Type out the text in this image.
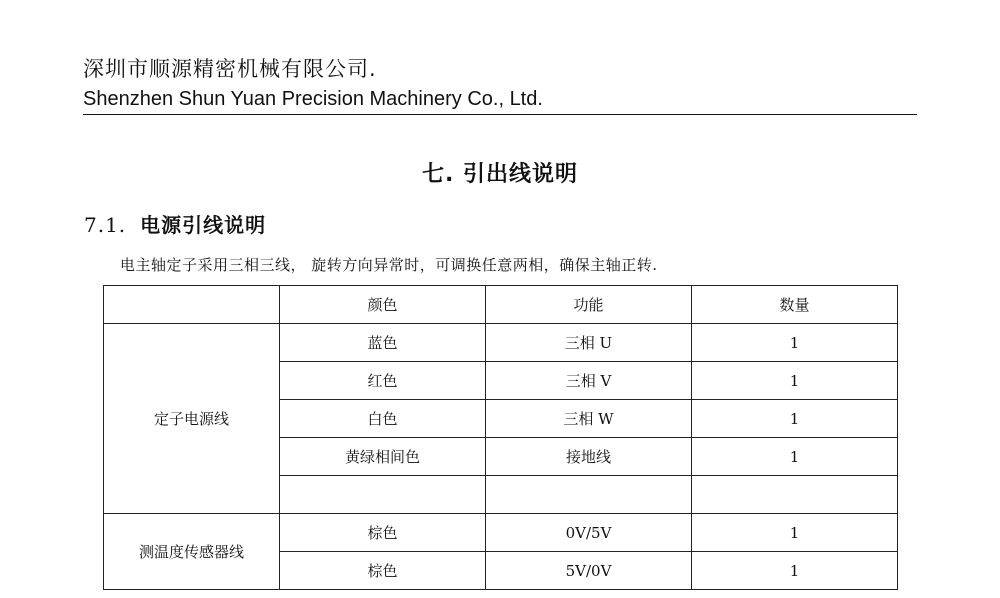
深圳市顺源精密机械有限公司.
Shenzhen Shun Yuan Precision Machinery Co., Ltd.
七. 引出线说明
7.1. 电源引线说明
电主轴定子采用三相三线， 旋转方向异常时，可调换任意两相，确保主轴正转.
	颜色	功能	数量
定子电源线	蓝色	三相 U	1
	红色	三相 V	1
	白色	三相 W	1
	黄绿相间色	接地线	1

测温度传感器线	棕色	0V/5V	1
	棕色	5V/0V	1
